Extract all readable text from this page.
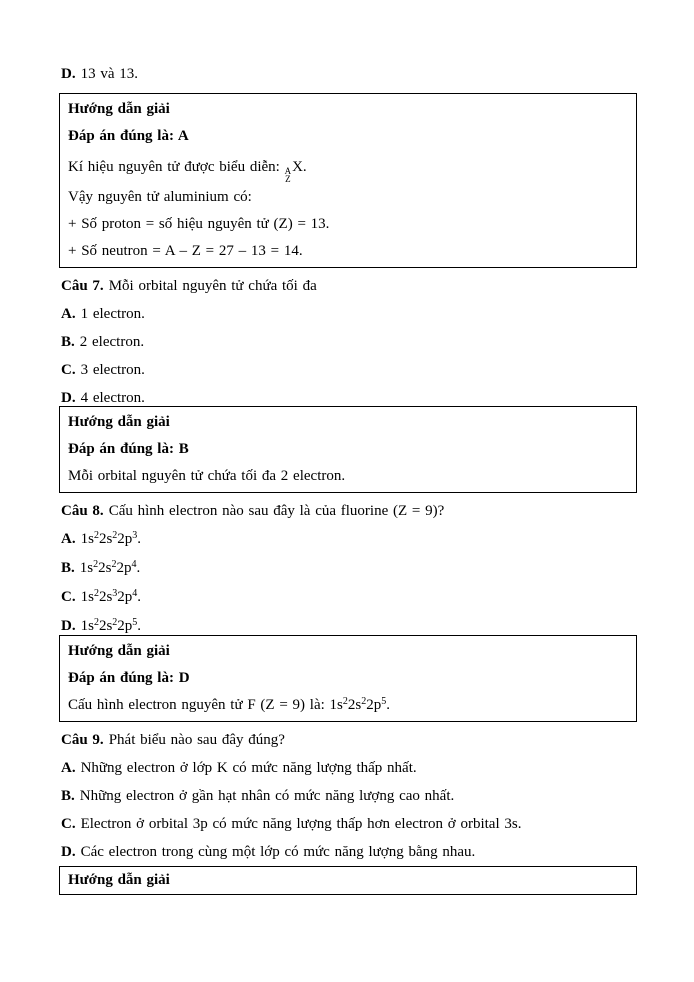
D. 13 và 13.
Hướng dẫn giải
Đáp án đúng là: A
Kí hiệu nguyên tử được biểu diễn: A
Z
X.
Vậy nguyên tử aluminium có:
+ Số proton = số hiệu nguyên tử (Z) = 13.
+ Số neutron = A – Z = 27 – 13 = 14.
Câu 7. Mỗi orbital nguyên tử chứa tối đa
A. 1 electron.
B. 2 electron.
C. 3 electron.
D. 4 electron.
Hướng dẫn giải
Đáp án đúng là: B
Mỗi orbital nguyên tử chứa tối đa 2 electron.
Câu 8. Cấu hình electron nào sau đây là của fluorine (Z = 9)?
A. $1s^22s^22p^3$.
B. $1s^22s^22p^4$.
C. $1s^22s^32p^4$.
D. $1s^22s^22p^5$.
Hướng dẫn giải
Đáp án đúng là: D
Cấu hình electron nguyên tử F (Z = 9) là: $1s^22s^22p^5$.
Câu 9. Phát biểu nào sau đây đúng?
A. Những electron ở lớp K có mức năng lượng thấp nhất.
B. Những electron ở gần hạt nhân có mức năng lượng cao nhất.
C. Electron ở orbital 3p có mức năng lượng thấp hơn electron ở orbital 3s.
D. Các electron trong cùng một lớp có mức năng lượng bằng nhau.
Hướng dẫn giải
